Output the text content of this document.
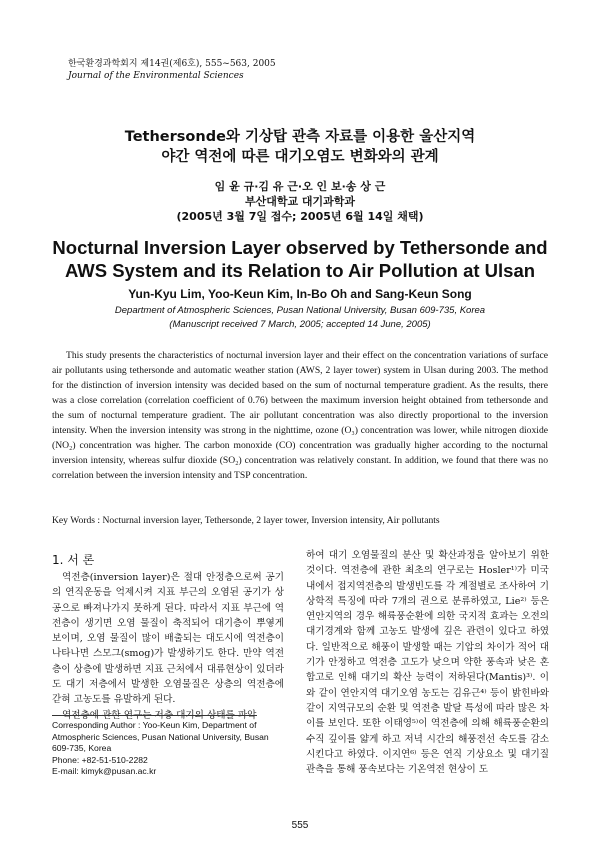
한국환경과학회지 제14권(제6호), 555~563, 2005
Journal of the Environmental Sciences
Tethersonde와 기상탑 관측 자료를 이용한 울산지역
야간 역전에 따른 대기오염도 변화와의 관계
임 윤 규·김 유 근·오 인 보·송 상 근
부산대학교 대기과학과
(2005년 3월 7일 접수; 2005년 6월 14일 채택)
Nocturnal Inversion Layer observed by Tethersonde and
AWS System and its Relation to Air Pollution at Ulsan
Yun-Kyu Lim, Yoo-Keun Kim, In-Bo Oh and Sang-Keun Song
Department of Atmospheric Sciences, Pusan National University, Busan 609-735, Korea
(Manuscript received 7 March, 2005; accepted 14 June, 2005)

This study presents the characteristics of nocturnal inversion layer and their effect on the concentration variations of surface air pollutants using tethersonde and automatic weather station (AWS, 2 layer tower) system in Ulsan during 2003. The method for the distinction of inversion intensity was decided based on the sum of nocturnal temperature gradient. As the results, there was a close correlation (correlation coefficient of 0.76) between the maximum inversion height obtained from tethersonde and the sum of nocturnal temperature gradient. The air pollutant concentration was also directly proportional to the inversion intensity. When the inversion intensity was strong in the nighttime, ozone (O₃) concentration was lower, while nitrogen dioxide (NO₂) concentration was higher. The carbon monoxide (CO) concentration was gradually higher according to the nocturnal inversion intensity, whereas sulfur dioxide (SO₂) concentration was relatively constant. In addition, we found that there was no correlation between the inversion intensity and TSP concentration.

Key Words : Nocturnal inversion layer, Tethersonde, 2 layer tower, Inversion intensity, Air pollutants
1. 서 론

역전층(inversion layer)은 절대 안정층으로써 공기의 연직운동을 억제시켜 지표 부근의 오염된 공기가 상공으로 빠져나가지 못하게 된다. 따라서 지표 부근에 역전층이 생기면 오염 물질이 축적되어 대기층이 뿌옇게 보이며, 오염 물질이 많이 배출되는 대도시에 역전층이 나타나면 스모그(smog)가 발생하기도 한다. 만약 역전층이 상층에 발생하면 지표 근처에서 대류현상이 있더라도 대기 저층에서 발생한 오염물질은 상층의 역전층에 갇혀 고농도를 유발하게 된다.

역전층에 관한 연구는 저층 대기의 상태를 파악

하여 대기 오염물질의 분산 및 확산과정을 알아보기 위한 것이다. 역전층에 관한 최초의 연구로는 Hosler¹⁾가 미국 내에서 접지역전층의 발생빈도를 각 계절별로 조사하여 기상학적 특징에 따라 7개의 권으로 분류하였고, Lie²⁾ 등은 연안지역의 경우 해륙풍순환에 의한 국지적 효과는 오전의 대기경계와 함께 고농도 발생에 깊은 관련이 있다고 하였다. 일반적으로 해풍이 발생할 때는 기압의 차이가 적어 대기가 안정하고 역전층 고도가 낮으며 약한 풍속과 낮은 혼합고로 인해 대기의 확산 능력이 저하된다(Mantis)³⁾. 이와 같이 연안지역 대기오염 농도는 김유근⁴⁾ 등이 밝힌바와 같이 지역규모의 순환 및 역전층 발달 특성에 따라 많은 차이를 보인다. 또한 이태영⁵⁾이 역전층에 의해 해륙풍순환의 수직 깊이를 얇게 하고 저녁 시간의 해풍전선 속도를 감소시킨다고 하였다. 이지연⁶⁾ 등은 연직 기상요소 및 대기질 관측을 통해 풍속보다는 기온역전 현상이 도

Corresponding Author : Yoo-Keun Kim, Department of Atmospheric Sciences, Pusan National University, Busan 609-735, Korea
Phone: +82-51-510-2282
E-mail: kimyk@pusan.ac.kr
555
